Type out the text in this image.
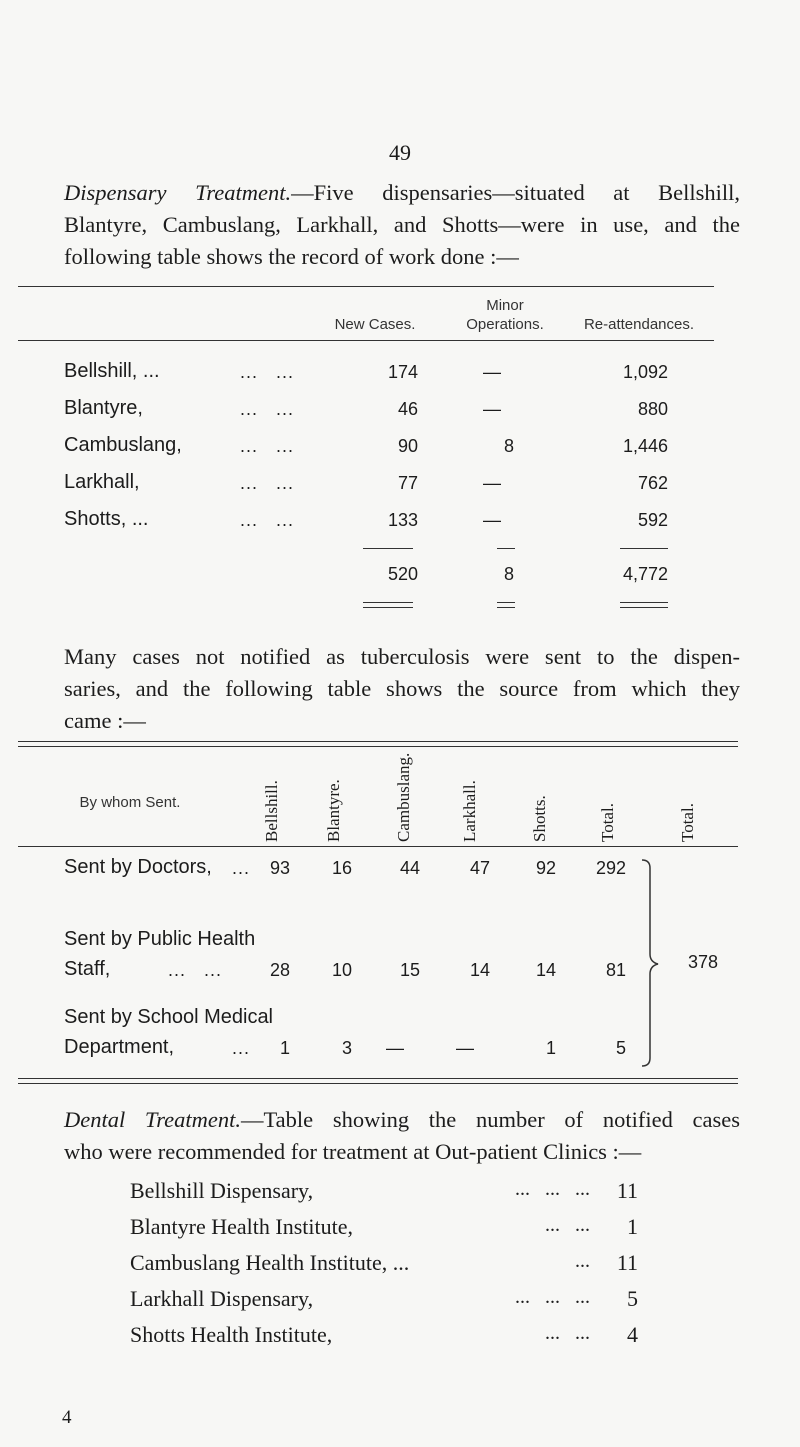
49
Dispensary Treatment.—Five dispensaries—situated at Bellshill,
Blantyre, Cambuslang, Larkhall, and Shotts—were in use, and the
following table shows the record of work done :—
New Cases.
Minor
Operations.	Re-attendances.
Bellshill, ...	...   ...	174	—	1,092
Blantyre,	...   ...	46	—	880
Cambuslang,	...   ...	90	8	1,446
Larkhall,	...   ...	77	—	762
Shotts, ...	...   ...	133	—	592
520	8	4,772
Many cases not notified as tuberculosis were sent to the dispen-
saries, and the following table shows the source from which they
came :—
By whom Sent.	Bellshill.	Blantyre.	Cambuslang.	Larkhall.	Shotts.	Total.	Total.
Sent by Doctors, ...	93	16	44	47	92	292
Sent by Public Health
Staff,	...   ...	28	10	15	14	14	81
Sent by School Medical
Department,	...	1	3	—	—	1	5
378
Dental Treatment.—Table showing the number of notified cases
who were recommended for treatment at Out-patient Clinics :—
Bellshill Dispensary,	...   ...   ...	11
Blantyre Health Institute,	...   ...	1
Cambuslang Health Institute, ...	...	11
Larkhall Dispensary,	...   ...   ...	5
Shotts Health Institute,	...   ...	4
4
